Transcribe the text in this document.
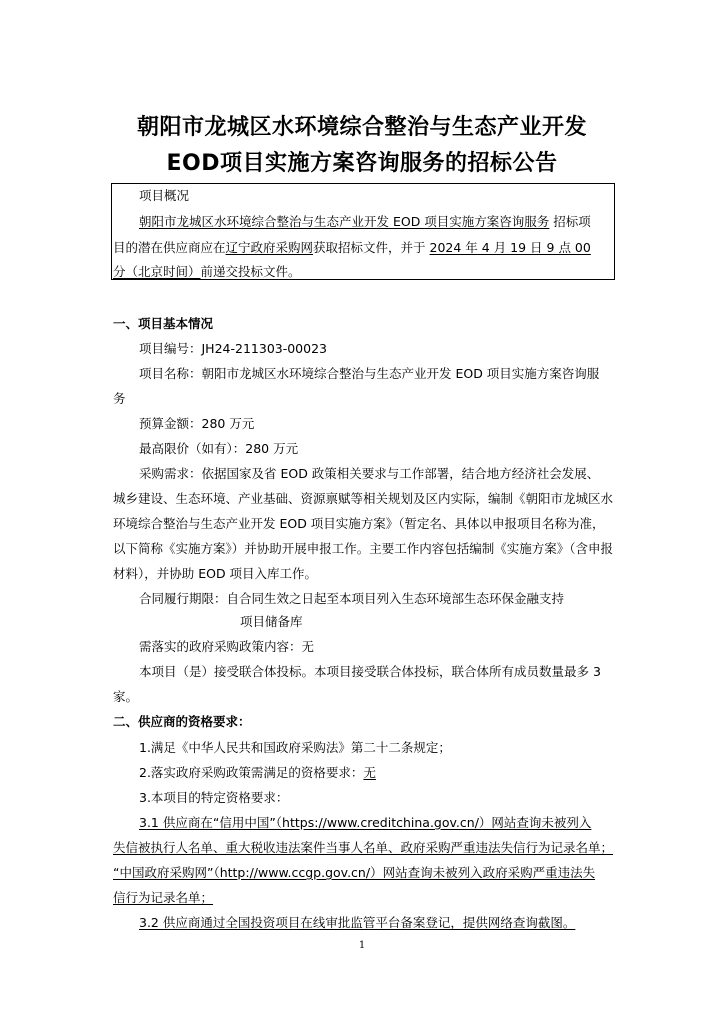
朝阳市龙城区水环境综合整治与生态产业开发
EOD项目实施方案咨询服务的招标公告
项目概况
朝阳市龙城区水环境综合整治与生态产业开发 EOD 项目实施方案咨询服务 招标项
目的潜在供应商应在辽宁政府采购网获取招标文件，并于 2024 年 4 月 19 日 9 点 00
分（北京时间）前递交投标文件。
一、项目基本情况
项目编号：JH24-211303-00023
项目名称：朝阳市龙城区水环境综合整治与生态产业开发 EOD 项目实施方案咨询服
务
预算金额：280 万元
最高限价（如有）：280 万元
采购需求：依据国家及省 EOD 政策相关要求与工作部署，结合地方经济社会发展、
城乡建设、生态环境、产业基础、资源禀赋等相关规划及区内实际，编制《朝阳市龙城区水
环境综合整治与生态产业开发 EOD 项目实施方案》（暂定名、具体以申报项目名称为准，
以下简称《实施方案》）并协助开展申报工作。主要工作内容包括编制《实施方案》（含申报
材料），并协助 EOD 项目入库工作。
合同履行期限：自合同生效之日起至本项目列入生态环境部生态环保金融支持
项目储备库
需落实的政府采购政策内容：无
本项目（是）接受联合体投标。本项目接受联合体投标，联合体所有成员数量最多 3
家。
二、供应商的资格要求：
1.满足《中华人民共和国政府采购法》第二十二条规定；
2.落实政府采购政策需满足的资格要求：无
3.本项目的特定资格要求：
3.1 供应商在“信用中国”（https://www.creditchina.gov.cn/）网站查询未被列入
失信被执行人名单、重大税收违法案件当事人名单、政府采购严重违法失信行为记录名单；
“中国政府采购网”（http://www.ccgp.gov.cn/）网站查询未被列入政府采购严重违法失
信行为记录名单；
3.2 供应商通过全国投资项目在线审批监管平台备案登记，提供网络查询截图。
1
